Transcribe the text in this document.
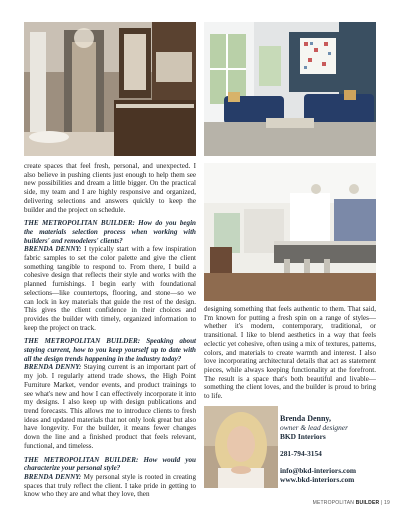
create spaces that feel fresh, personal, and unexpected. I also believe in pushing clients just enough to help them see new possibilities and dream a little bigger. On the practical side, my team and I are highly responsive and organized, delivering selections and answers quickly to keep the builder and the project on schedule.

THE METROPOLITAN BUILDER: How do you begin the materials selection process when working with builders' and remodelers' clients?

BRENDA DENNY: I typically start with a few inspiration fabric samples to set the color palette and give the client something tangible to respond to. From there, I build a cohesive design that reflects their style and works with the planned furnishings. I begin early with foundational selections—like countertops, flooring, and stone—so we can lock in key materials that guide the rest of the design. This gives the client confidence in their choices and provides the builder with timely, organized information to keep the project on track.

THE METROPOLITAN BUILDER: Speaking about staying current, how to you keep yourself up to date with all the design trends happening in the industry today?

BRENDA DENNY: Staying current is an important part of my job. I regularly attend trade shows, the High Point Furniture Market, vendor events, and product trainings to see what's new and how I can effectively incorporate it into my designs. I also keep up with design publications and trend forecasts. This allows me to introduce clients to fresh ideas and updated materials that not only look great but also have longevity. For the builder, it means fewer changes down the line and a finished product that feels relevant, functional, and timeless.

THE METROPOLITAN BUILDER: How would you characterize your personal style?

BRENDA DENNY: My personal style is rooted in creating spaces that truly reflect the client. I take pride in getting to know who they are and what they love, then

designing something that feels authentic to them. That said, I'm known for putting a fresh spin on a range of styles— whether it's modern, contemporary, traditional, or transitional. I like to blend aesthetics in a way that feels eclectic yet cohesive, often using a mix of textures, patterns, colors, and materials to create warmth and interest. I also love incorporating architectural details that act as statement pieces, while always keeping functionality at the forefront. The result is a space that's both beautiful and livable—something the client loves, and the builder is proud to bring to life.

Brenda Denny,
owner & lead designer
BKD Interiors
281-794-3154
info@bkd-interiors.com
www.bkd-interiors.com
METROPOLITAN BUILDER | 19
